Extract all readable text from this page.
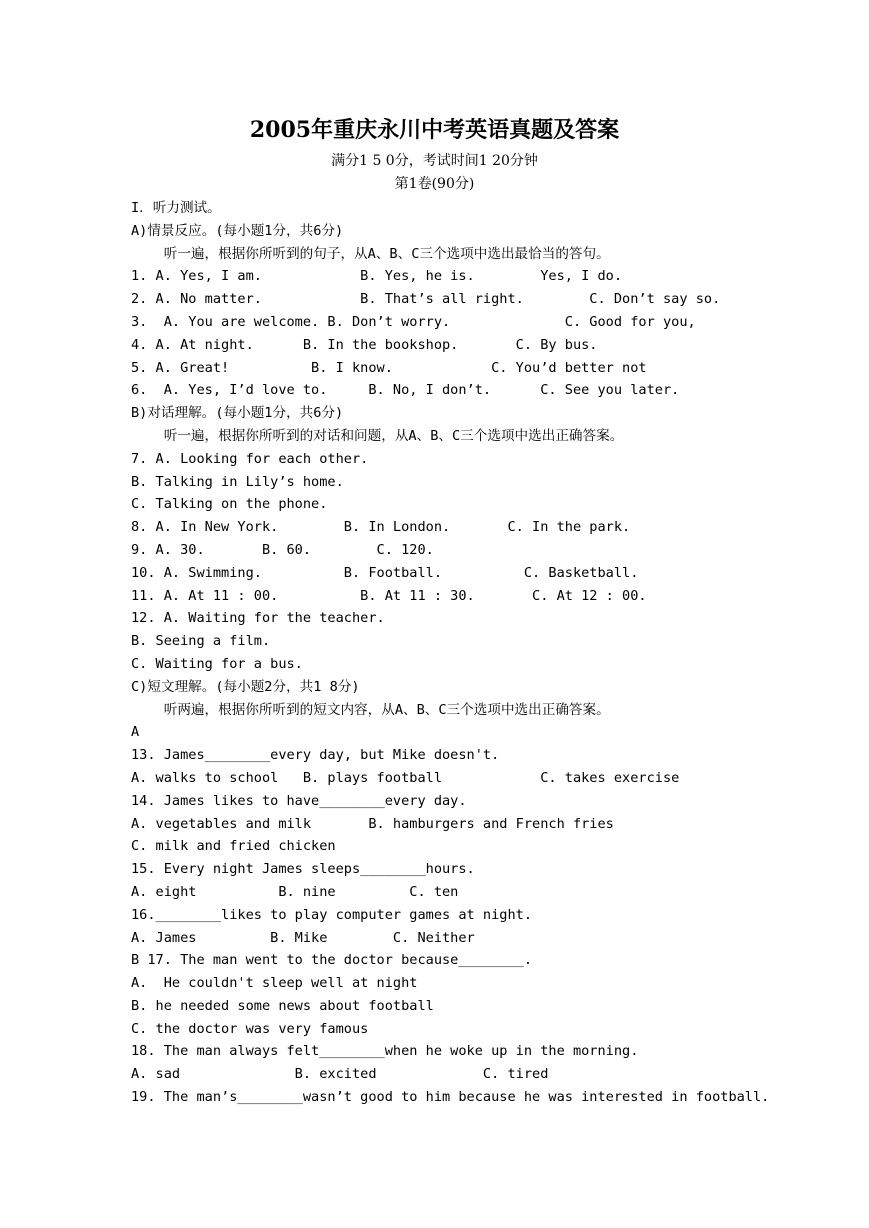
2005年重庆永川中考英语真题及答案
满分1 5 0分，考试时间1 20分钟
第1卷(90分)
I．听力测试。
A)情景反应。(每小题1分，共6分)
听一遍，根据你所听到的句子，从A、B、C三个选项中选出最恰当的答句。
1. A. Yes, I am.            B. Yes, he is.        Yes, I do.
2. A. No matter.            B. That’s all right.        C. Don’t say so.
3.  A. You are welcome. B. Don’t worry.              C. Good for you,
4. A. At night.      B. In the bookshop.       C. By bus.
5. A. Great!          B. I know.            C. You’d better not
6.  A. Yes, I’d love to.     B. No, I don’t.      C. See you later.
B)对话理解。(每小题1分，共6分)
听一遍，根据你所听到的对话和问题，从A、B、C三个选项中选出正确答案。
7. A. Looking for each other.
B. Talking in Lily’s home.
C. Talking on the phone.
8. A. In New York.        B. In London.       C. In the park.
9. A. 30.       B. 60.        C. 120.
10. A. Swimming.          B. Football.          C. Basketball.
11. A. At 11 : 00.          B. At 11 : 30.       C. At 12 : 00.
12. A. Waiting for the teacher.
B. Seeing a film.
C. Waiting for a bus.
C)短文理解。(每小题2分，共1 8分)
听两遍，根据你所听到的短文内容，从A、B、C三个选项中选出正确答案。
A
13. James________every day, but Mike doesn't.
A. walks to school   B. plays football            C. takes exercise
14. James likes to have________every day.
A. vegetables and milk       B. hamburgers and French fries
C. milk and fried chicken
15. Every night James sleeps________hours.
A. eight          B. nine         C. ten
16.________likes to play computer games at night.
A. James         B. Mike        C. Neither
B 17. The man went to the doctor because________.
A.  He couldn't sleep well at night
B. he needed some news about football
C. the doctor was very famous
18. The man always felt________when he woke up in the morning.
A. sad              B. excited             C. tired
19. The man’s________wasn’t good to him because he was interested in football.
